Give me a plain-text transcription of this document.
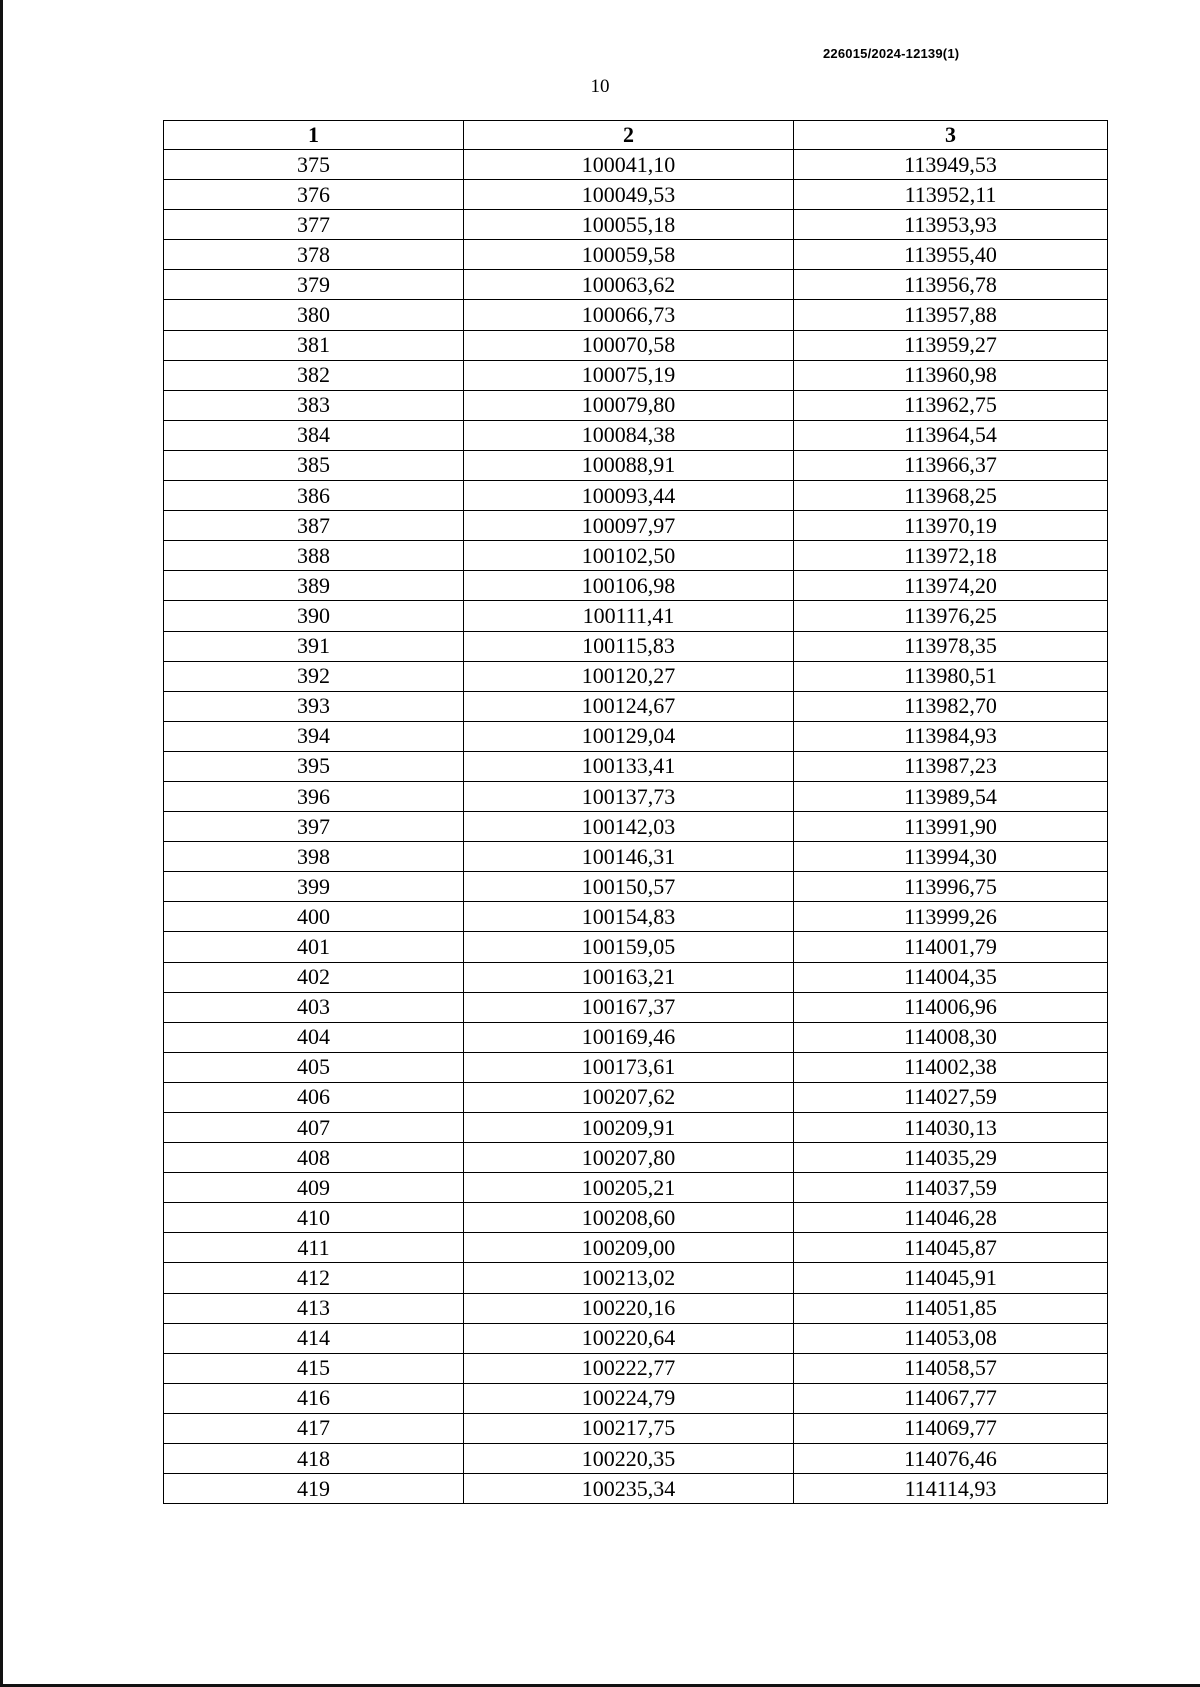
226015/2024-12139(1)
10
1	2	3
375	100041,10	113949,53
376	100049,53	113952,11
377	100055,18	113953,93
378	100059,58	113955,40
379	100063,62	113956,78
380	100066,73	113957,88
381	100070,58	113959,27
382	100075,19	113960,98
383	100079,80	113962,75
384	100084,38	113964,54
385	100088,91	113966,37
386	100093,44	113968,25
387	100097,97	113970,19
388	100102,50	113972,18
389	100106,98	113974,20
390	100111,41	113976,25
391	100115,83	113978,35
392	100120,27	113980,51
393	100124,67	113982,70
394	100129,04	113984,93
395	100133,41	113987,23
396	100137,73	113989,54
397	100142,03	113991,90
398	100146,31	113994,30
399	100150,57	113996,75
400	100154,83	113999,26
401	100159,05	114001,79
402	100163,21	114004,35
403	100167,37	114006,96
404	100169,46	114008,30
405	100173,61	114002,38
406	100207,62	114027,59
407	100209,91	114030,13
408	100207,80	114035,29
409	100205,21	114037,59
410	100208,60	114046,28
411	100209,00	114045,87
412	100213,02	114045,91
413	100220,16	114051,85
414	100220,64	114053,08
415	100222,77	114058,57
416	100224,79	114067,77
417	100217,75	114069,77
418	100220,35	114076,46
419	100235,34	114114,93
